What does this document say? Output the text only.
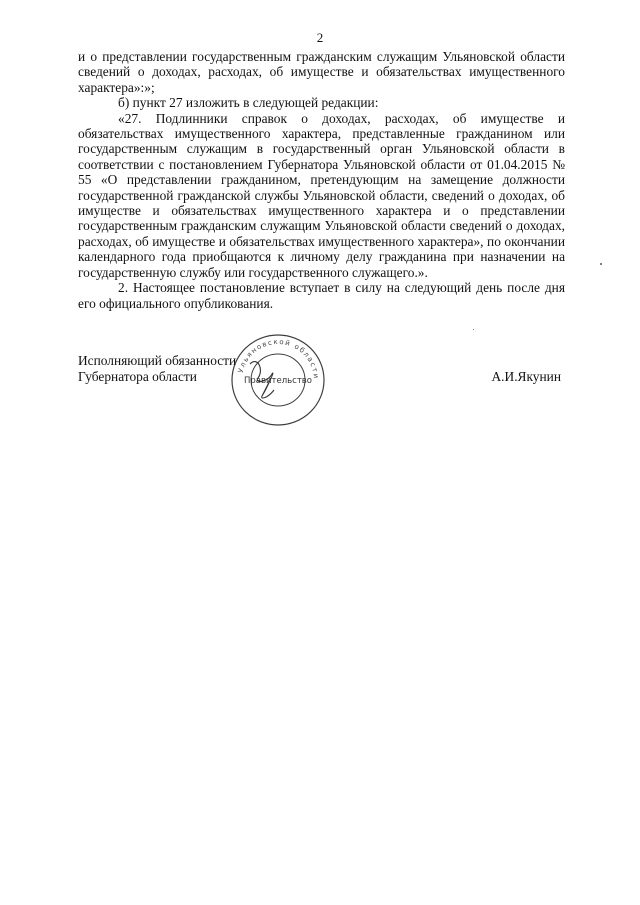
2

и о представлении государственным гражданским служащим Ульяновской области сведений о доходах, расходах, об имуществе и обязательствах имущественного характера»:»;

б) пункт 27 изложить в следующей редакции:

«27. Подлинники справок о доходах, расходах, об имуществе и обязательствах имущественного характера, представленные гражданином или государственным служащим в государственный орган Ульяновской области в соответствии с постановлением Губернатора Ульяновской области от 01.04.2015 № 55 «О представлении гражданином, претендующим на замещение должности государственной гражданской службы Ульяновской области, сведений о доходах, об имуществе и обязательствах имущественного характера и о представлении государственным гражданским служащим Ульяновской области сведений о доходах, расходах, об имуществе и обязательствах имущественного характера», по окончании календарного года приобщаются к личному делу гражданина при назначении на государственную службу или государственного служащего.».

2. Настоящее постановление вступает в силу на следующий день после дня его официального опубликования.

Исполняющий обязанности
Губернатора области	Ульяновской области
Правительство	А.И.Якунин
